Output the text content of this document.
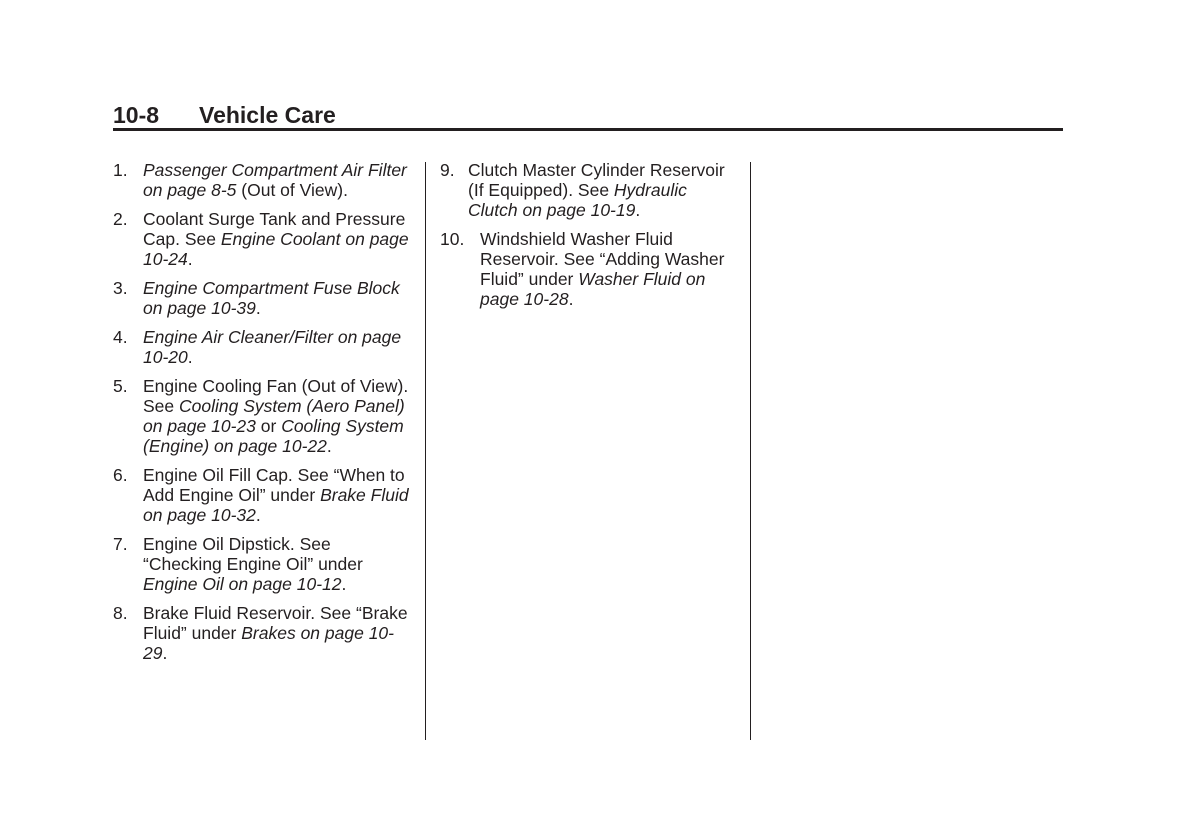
10-8 Vehicle Care
1. Passenger Compartment Air Filter on page 8-5 (Out of View).
2. Coolant Surge Tank and Pressure Cap. See Engine Coolant on page 10-24.
3. Engine Compartment Fuse Block on page 10-39.
4. Engine Air Cleaner/Filter on page 10-20.
5. Engine Cooling Fan (Out of View). See Cooling System (Aero Panel) on page 10-23 or Cooling System (Engine) on page 10-22.
6. Engine Oil Fill Cap. See “When to Add Engine Oil” under Brake Fluid on page 10-32.
7. Engine Oil Dipstick. See “Checking Engine Oil” under Engine Oil on page 10-12.
8. Brake Fluid Reservoir. See “Brake Fluid” under Brakes on page 10-29.
9. Clutch Master Cylinder Reservoir (If Equipped). See Hydraulic Clutch on page 10-19.
10. Windshield Washer Fluid Reservoir. See “Adding Washer Fluid” under Washer Fluid on page 10-28.
